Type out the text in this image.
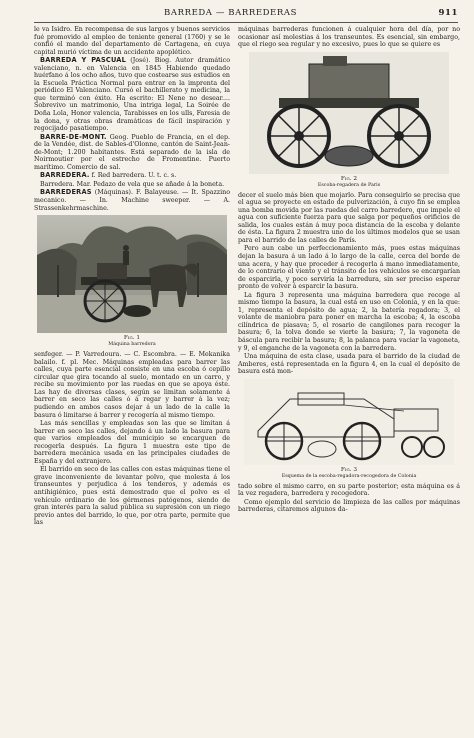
BARREDA — BARREDERAS	911

le va Isidro. En recompensa de sus largos y buenos servicios fué promovido al empleo de teniente general (1760) y se le confió el mando del departamento de Cartagena, en cuya capital murió víctima de un accidente apoplético.

BARREDA Y PASCUAL (José). Biog. Autor dramático valenciano, n. en Valencia en 1845 Habiendo quedado huérfano á los ocho años, tuvo que costearse sus estudios en la Escuela Práctica Normal para entrar en la imprenta del periódico El Valenciano. Cursó el bachillerato y medicina, la que terminó con éxito. Ha escrito: El Nene no desear.... Sobrevivo un matrimonio, Una intriga legal, La Soirée de Doña Lola, Honor valencia, Tarabisses en los ulls, Faresia de la dona, y otras obras dramáticas de fácil inspiración y regocijado pasatiempo.

BARRE-DE-MONT. Geog. Pueblo de Francia, en el dep. de la Vendée, dist. de Sables-d'Olonne, cantón de Saint-Jean-de-Mont; 1.200 habitantes. Está separado de la isla de Noirmoutier por el estrecho de Fromentine. Puerto marítimo. Comercio de sal.

BARREDERA. f. Red barredera. U. t. c. s.

Barredera. Mar. Pedazo de vela que se añade á la boneta.

BARREDERAS (Máquinas). F. Balayeuse. — It. Spazzino mecanico. — In. Machine sweeper. — A. Strassenkehrmaschine.

Fig. 1
Máquina barredora

senfeger. — P. Varredoura. — C. Escombra. — E. Mekanika balailo. f. pl. Mec. Máquinas empleadas para barrer las calles, cuya parte esencial consiste en una escoba ó cepillo circular que gira tocando al suelo, montado en un carro, y recibe su movimiento por las ruedas en que se apoya éste. Las hay de diversas clases, según se limitan solamente á barrer en seco las calles ó á regar y barrer á la vez; pudiendo en ambos casos dejar á un lado de la calle la basura ó limitarse á barrer y recogería al mismo tiempo.

Las más sencillas y empleadas son las que se limitan á barrer en seco las calles, dejando á un lado la basura para que varios empleados del municipio se encarguen de recogerla después. La figura 1 muestra este tipo de barredera mecánica usada en las principales ciudades de España y del extranjero.

El barrido en seco de las calles con estas máquinas tiene el grave inconveniente de levantar polvo, que molesta á los transeuntes y perjudica á los tenderos, y además es antihigiénico, pues está demostrado que el polvo es el vehículo ordinario de los gérmenes patógenos, siendo de gran interés para la salud pública su supresión con un riego previo antes del barrido, lo que, por otra parte, permite que las

máquinas barrederas funcionen á cualquier hora del día, por no ocasionar así molestias á los transeuntes. Es esencial, sin embargo, que el riego sea regular y no excesivo, pues lo que se quiere es

Fig. 2
Escoba-regadera de Paris

decer el suelo más bien que mojarlo. Para conseguirlo se precisa que el agua se proyecte en estado de pulverización, á cuyo fin se emplea una bomba movida por las ruedas del carro barredero, que impele el agua con suficiente fuerza para que salga por pequeños orificios de salida, los cuales están á muy poca distancia de la escoba y delante de ésta. La figura 2 muestra uno de los últimos modelos que se usan para el barrido de las calles de París.

Pero aun cabe un perfeccionamiento más, pues estas máquinas dejan la basura á un lado á lo largo de la calle, cerca del borde de una acera, y hay que proceder á recogerla á mano inmediatamente, de lo contrario el viento y el tránsito de los vehículos se encargarían de esparcirla, y poco serviría la barredura, sin ser preciso esperar pronto de volver á esparcir la basura.

La figura 3 representa una máquina barredera que recoge al mismo tiempo la basura, la cual está en uso en Colonia, y en la que: 1, representa el depósito de agua; 2, la batería regadora; 3, el volante de maniobra para poner en marcha la escoba; 4, la escoba cilíndrica de piasava; 5, el rosario de cangilones para recoger la basura; 6, la tolva donde se vierte la basura; 7, la vagoneta de báscula para recibir la basura; 8, la palanca para vaciar la vagoneta, y 9, el enganche de la vagoneta con la barredera.

Una máquina de esta clase, usada para el barrido de la ciudad de Amberes, está representada en la figura 4, en la cual el depósito de basura está mon-

Fig. 3
Esquema de la escoba-regadora-recogedora de Colonia

tado sobre el mismo carro, en su parte posterior; esta máquina es á la vez regadera, barredera y recogedora.

Como ejemplo del servicio de limpieza de las calles por máquinas barrederas, citaremos algunos da-
